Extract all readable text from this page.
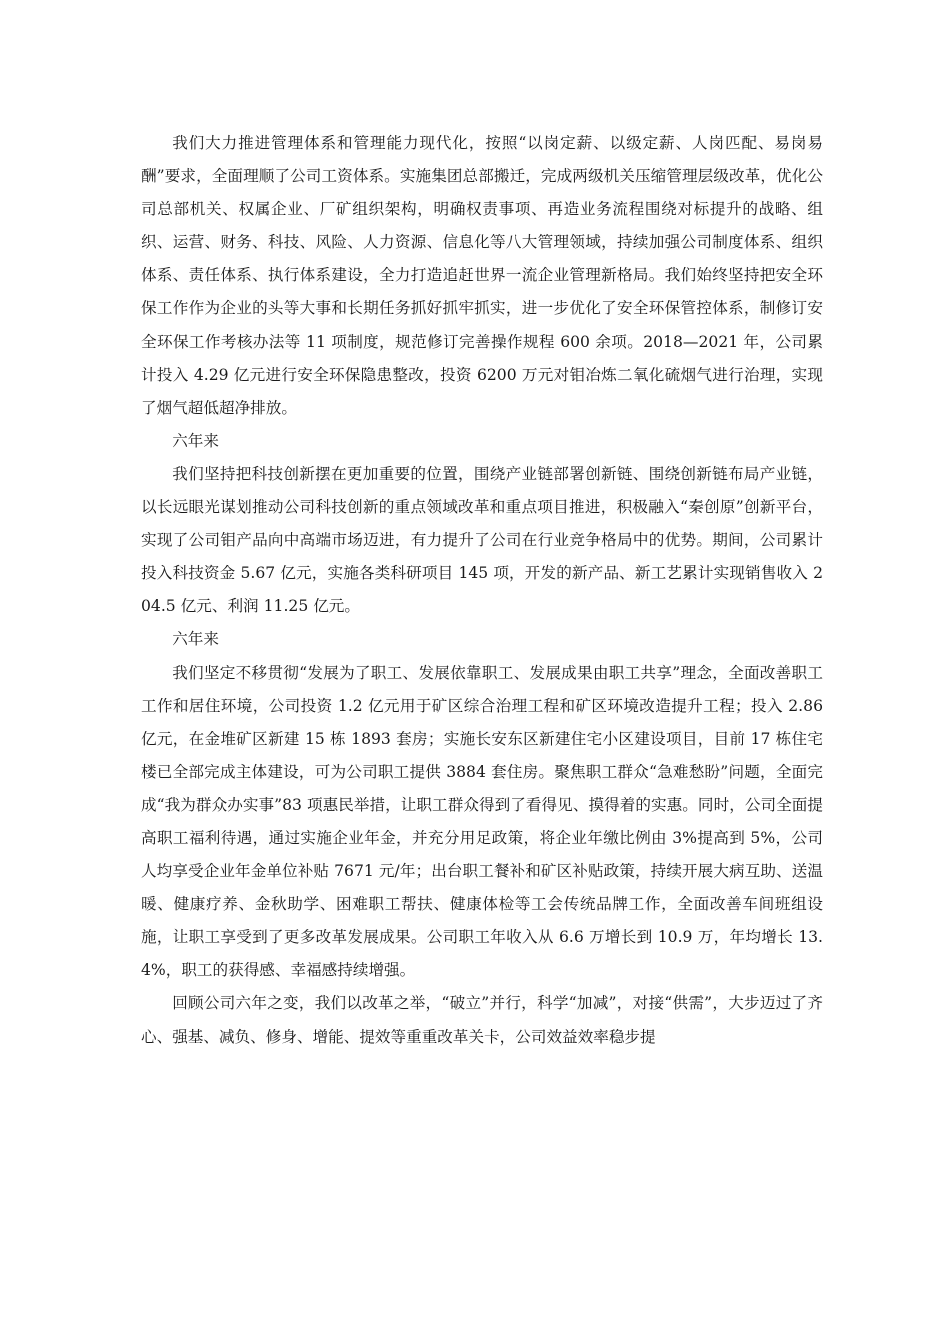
我们大力推进管理体系和管理能力现代化，按照“以岗定薪、以级定薪、人岗匹配、易岗易酬”要求，全面理顺了公司工资体系。实施集团总部搬迁，完成两级机关压缩管理层级改革，优化公司总部机关、权属企业、厂矿组织架构，明确权责事项、再造业务流程围绕对标提升的战略、组织、运营、财务、科技、风险、人力资源、信息化等八大管理领域，持续加强公司制度体系、组织体系、责任体系、执行体系建设，全力打造追赶世界一流企业管理新格局。我们始终坚持把安全环保工作作为企业的头等大事和长期任务抓好抓牢抓实，进一步优化了安全环保管控体系，制修订安全环保工作考核办法等 11 项制度，规范修订完善操作规程 600 余项。2018—2021 年，公司累计投入 4.29 亿元进行安全环保隐患整改，投资 6200 万元对钼冶炼二氧化硫烟气进行治理，实现了烟气超低超净排放。

六年来

我们坚持把科技创新摆在更加重要的位置，围绕产业链部署创新链、围绕创新链布局产业链，以长远眼光谋划推动公司科技创新的重点领域改革和重点项目推进，积极融入“秦创原”创新平台，实现了公司钼产品向中高端市场迈进，有力提升了公司在行业竞争格局中的优势。期间，公司累计投入科技资金 5.67 亿元，实施各类科研项目 145 项，开发的新产品、新工艺累计实现销售收入 204.5 亿元、利润 11.25 亿元。

六年来

我们坚定不移贯彻“发展为了职工、发展依靠职工、发展成果由职工共享”理念，全面改善职工工作和居住环境，公司投资 1.2 亿元用于矿区综合治理工程和矿区环境改造提升工程；投入 2.86 亿元，在金堆矿区新建 15 栋 1893 套房；实施长安东区新建住宅小区建设项目，目前 17 栋住宅楼已全部完成主体建设，可为公司职工提供 3884 套住房。聚焦职工群众“急难愁盼”问题，全面完成“我为群众办实事”83 项惠民举措，让职工群众得到了看得见、摸得着的实惠。同时，公司全面提高职工福利待遇，通过实施企业年金，并充分用足政策，将企业年缴比例由 3%提高到 5%，公司人均享受企业年金单位补贴 7671 元/年；出台职工餐补和矿区补贴政策，持续开展大病互助、送温暖、健康疗养、金秋助学、困难职工帮扶、健康体检等工会传统品牌工作，全面改善车间班组设施，让职工享受到了更多改革发展成果。公司职工年收入从 6.6 万增长到 10.9 万，年均增长 13.4%，职工的获得感、幸福感持续增强。

回顾公司六年之变，我们以改革之举，“破立”并行，科学“加减”，对接“供需”，大步迈过了齐心、强基、减负、修身、增能、提效等重重改革关卡，公司效益效率稳步提
